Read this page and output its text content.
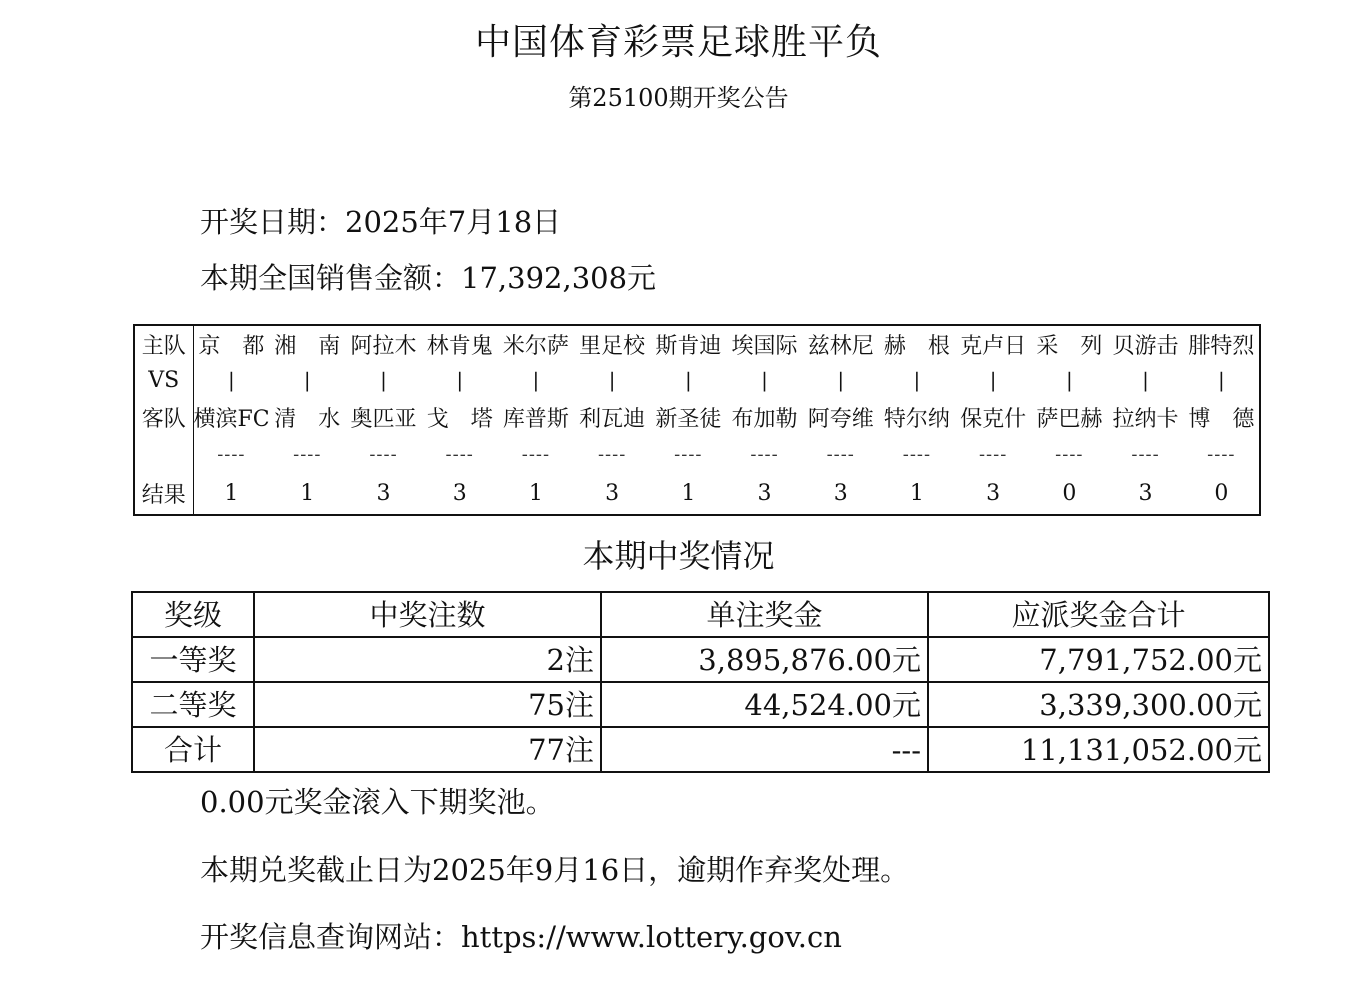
中国体育彩票足球胜平负
第25100期开奖公告
开奖日期：2025年7月18日
本期全国销售金额：17,392,308元
主队	京　都	湘　南	阿拉木	林肯鬼	米尔萨	里足校	斯肯迪	埃国际	兹林尼	赫　根	克卢日	采　列	贝游击	腓特烈
VS	|	|	|	|	|	|	|	|	|	|	|	|	|	|
客队	横滨FC	清　水	奥匹亚	戈　塔	库普斯	利瓦迪	新圣徒	布加勒	阿夸维	特尔纳	保克什	萨巴赫	拉纳卡	博　德
	----	----	----	----	----	----	----	----	----	----	----	----	----	----
结果	1	1	3	3	1	3	1	3	3	1	3	0	3	0
本期中奖情况
奖级	中奖注数	单注奖金	应派奖金合计
一等奖	2注	3,895,876.00元	7,791,752.00元
二等奖	75注	44,524.00元	3,339,300.00元
合计	77注	---	11,131,052.00元
0.00元奖金滚入下期奖池。
本期兑奖截止日为2025年9月16日，逾期作弃奖处理。
开奖信息查询网站：https://www.lottery.gov.cn
